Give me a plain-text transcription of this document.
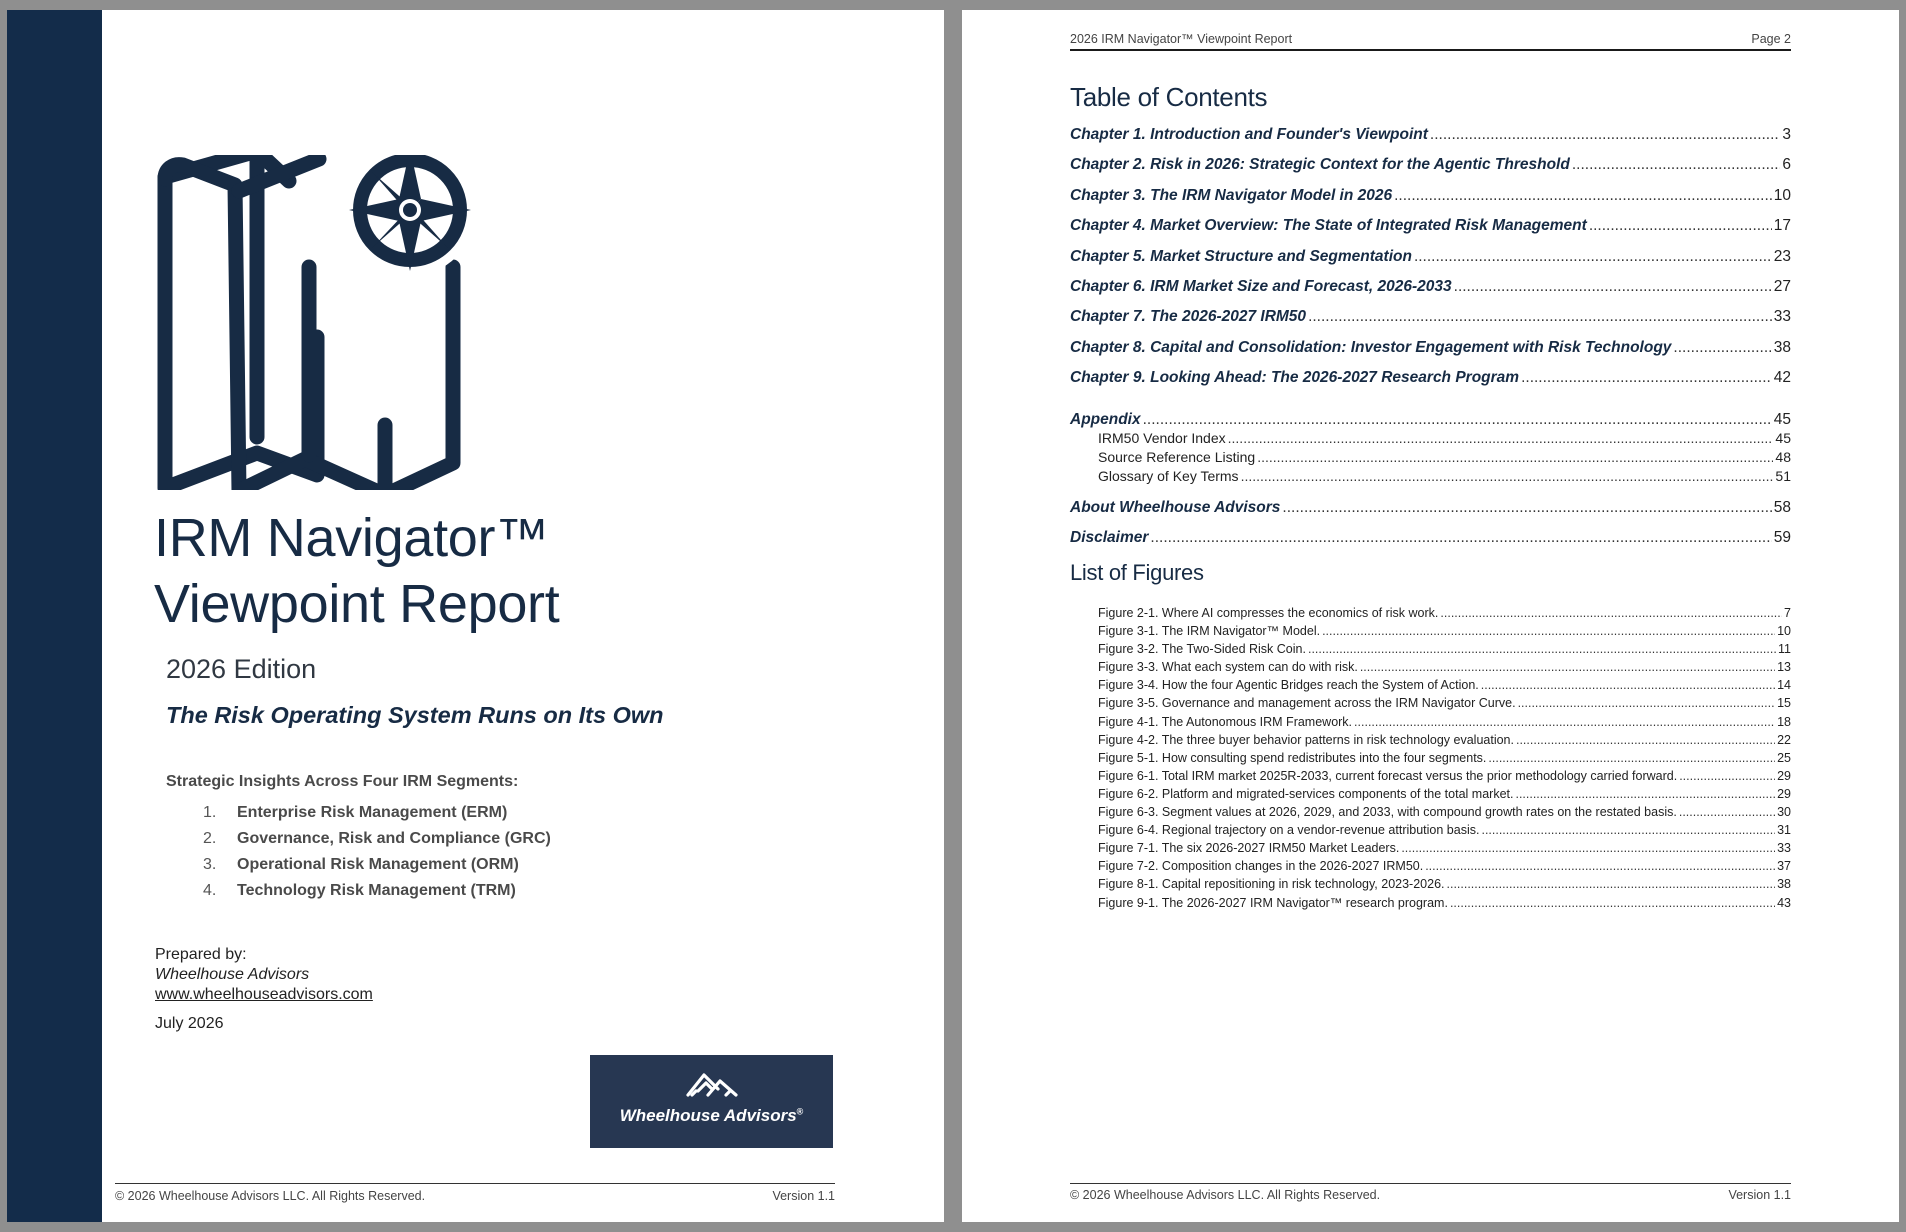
IRM Navigator™
Viewpoint Report
2026 Edition
The Risk Operating System Runs on Its Own
Strategic Insights Across Four IRM Segments:
1.	Enterprise Risk Management (ERM)
2.	Governance, Risk and Compliance (GRC)
3.	Operational Risk Management (ORM)
4.	Technology Risk Management (TRM)
Prepared by:
Wheelhouse Advisors
www.wheelhouseadvisors.com
July 2026
Wheelhouse Advisors®
© 2026 Wheelhouse Advisors LLC. All Rights Reserved.	Version 1.1
2026 IRM Navigator™ Viewpoint Report	Page 2
Table of Contents
Chapter 1. Introduction and Founder's Viewpoint .....	3
Chapter 2. Risk in 2026: Strategic Context for the Agentic Threshold .....	6
Chapter 3. The IRM Navigator Model in 2026 .....	10
Chapter 4. Market Overview: The State of Integrated Risk Management .....	17
Chapter 5. Market Structure and Segmentation .....	23
Chapter 6. IRM Market Size and Forecast, 2026-2033 .....	27
Chapter 7. The 2026-2027 IRM50 .....	33
Chapter 8. Capital and Consolidation: Investor Engagement with Risk Technology .....	38
Chapter 9. Looking Ahead: The 2026-2027 Research Program .....	42
Appendix .....	45
IRM50 Vendor Index .....	45
Source Reference Listing .....	48
Glossary of Key Terms .....	51
About Wheelhouse Advisors .....	58
Disclaimer .....	59
List of Figures
Figure 2-1. Where AI compresses the economics of risk work. .....	7
Figure 3-1. The IRM Navigator™ Model. .....	10
Figure 3-2. The Two-Sided Risk Coin. .....	11
Figure 3-3. What each system can do with risk. .....	13
Figure 3-4. How the four Agentic Bridges reach the System of Action. .....	14
Figure 3-5. Governance and management across the IRM Navigator Curve. .....	15
Figure 4-1. The Autonomous IRM Framework. .....	18
Figure 4-2. The three buyer behavior patterns in risk technology evaluation. .....	22
Figure 5-1. How consulting spend redistributes into the four segments. .....	25
Figure 6-1. Total IRM market 2025R-2033, current forecast versus the prior methodology carried forward. .....	29
Figure 6-2. Platform and migrated-services components of the total market. .....	29
Figure 6-3. Segment values at 2026, 2029, and 2033, with compound growth rates on the restated basis. .....	30
Figure 6-4. Regional trajectory on a vendor-revenue attribution basis. .....	31
Figure 7-1. The six 2026-2027 IRM50 Market Leaders. .....	33
Figure 7-2. Composition changes in the 2026-2027 IRM50. .....	37
Figure 8-1. Capital repositioning in risk technology, 2023-2026. .....	38
Figure 9-1. The 2026-2027 IRM Navigator™ research program. .....	43
© 2026 Wheelhouse Advisors LLC. All Rights Reserved.	Version 1.1
